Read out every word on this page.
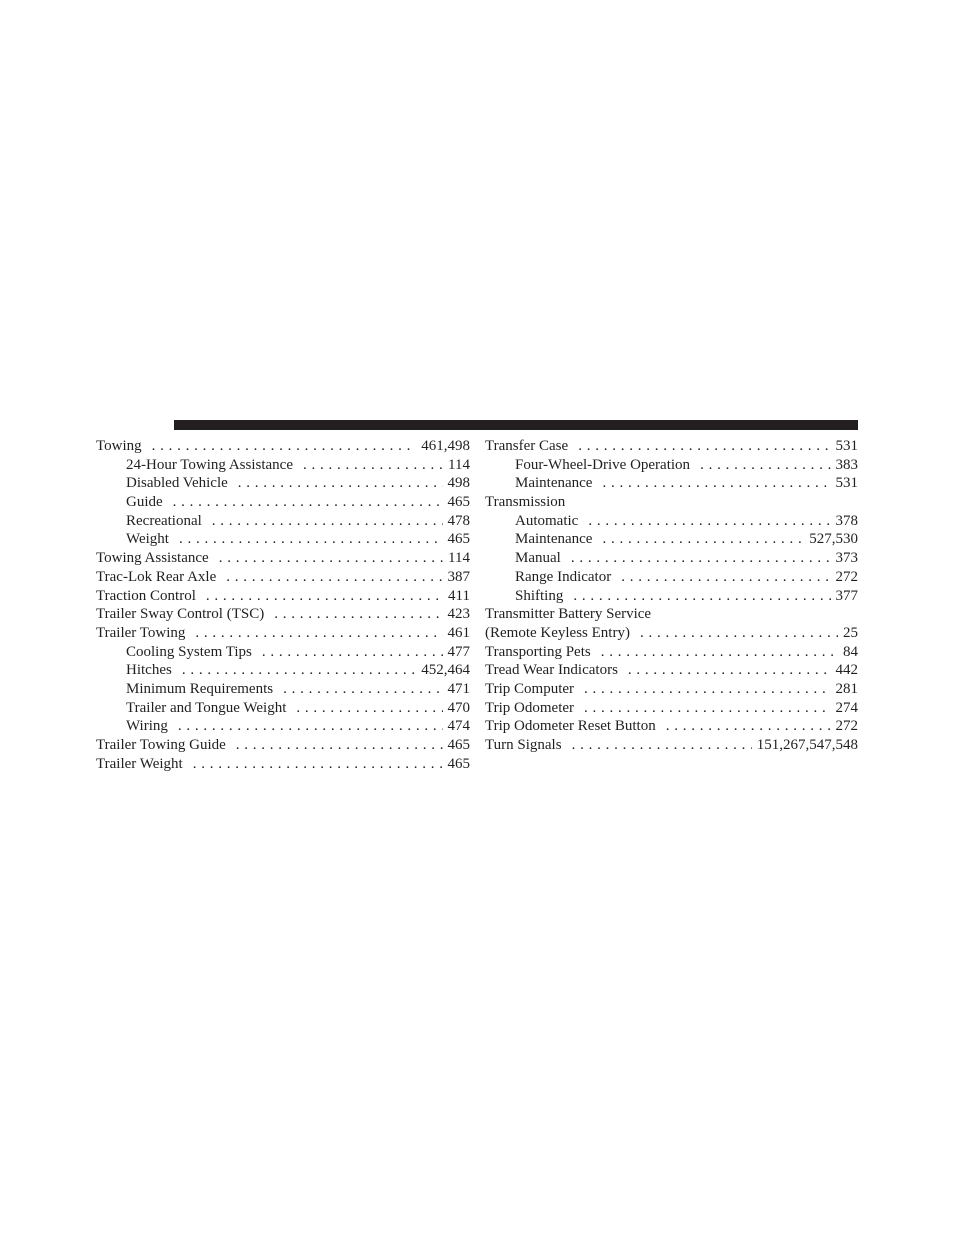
Towing . . .	461,498
24-Hour Towing Assistance . . .	114
Disabled Vehicle . . .	498
Guide . . .	465
Recreational . . .	478
Weight . . .	465
Towing Assistance . . .	114
Trac-Lok Rear Axle . . .	387
Traction Control . . .	411
Trailer Sway Control (TSC) . . .	423
Trailer Towing . . .	461
Cooling System Tips . . .	477
Hitches . . .	452,464
Minimum Requirements . . .	471
Trailer and Tongue Weight . . .	470
Wiring . . .	474
Trailer Towing Guide . . .	465
Trailer Weight . . .	465
Transfer Case . . .	531
Four-Wheel-Drive Operation . . .	383
Maintenance . . .	531
Transmission
Automatic . . .	378
Maintenance . . .	527,530
Manual . . .	373
Range Indicator . . .	272
Shifting . . .	377
Transmitter Battery Service
(Remote Keyless Entry) . . .	25
Transporting Pets . . .	84
Tread Wear Indicators . . .	442
Trip Computer . . .	281
Trip Odometer . . .	274
Trip Odometer Reset Button . . .	272
Turn Signals . . .	151,267,547,548
